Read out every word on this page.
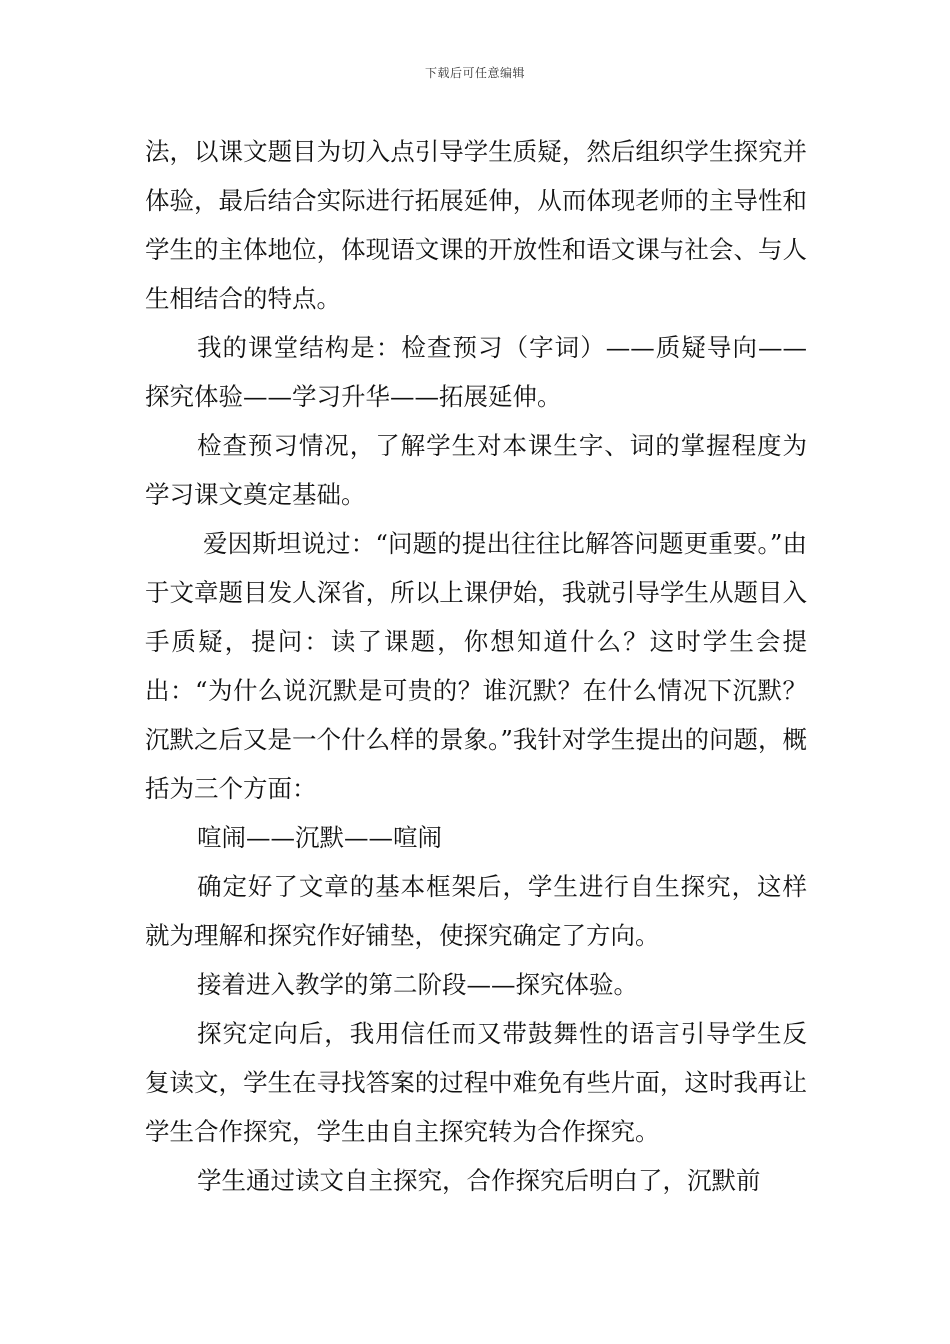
下载后可任意编辑

法，以课文题目为切入点引导学生质疑，然后组织学生探究并体验，最后结合实际进行拓展延伸，从而体现老师的主导性和学生的主体地位，体现语文课的开放性和语文课与社会、与人生相结合的特点。

我的课堂结构是：检查预习（字词）——质疑导向——探究体验——学习升华——拓展延伸。

检查预习情况，了解学生对本课生字、词的掌握程度为学习课文奠定基础。

爱因斯坦说过：“问题的提出往往比解答问题更重要。”由于文章题目发人深省，所以上课伊始，我就引导学生从题目入手质疑，提问：读了课题，你想知道什么？这时学生会提出：“为什么说沉默是可贵的？谁沉默？在什么情况下沉默？沉默之后又是一个什么样的景象。”我针对学生提出的问题，概括为三个方面：

喧闹——沉默——喧闹

确定好了文章的基本框架后，学生进行自生探究，这样就为理解和探究作好铺垫，使探究确定了方向。

接着进入教学的第二阶段——探究体验。

探究定向后，我用信任而又带鼓舞性的语言引导学生反复读文，学生在寻找答案的过程中难免有些片面，这时我再让学生合作探究，学生由自主探究转为合作探究。

学生通过读文自主探究，合作探究后明白了，沉默前
